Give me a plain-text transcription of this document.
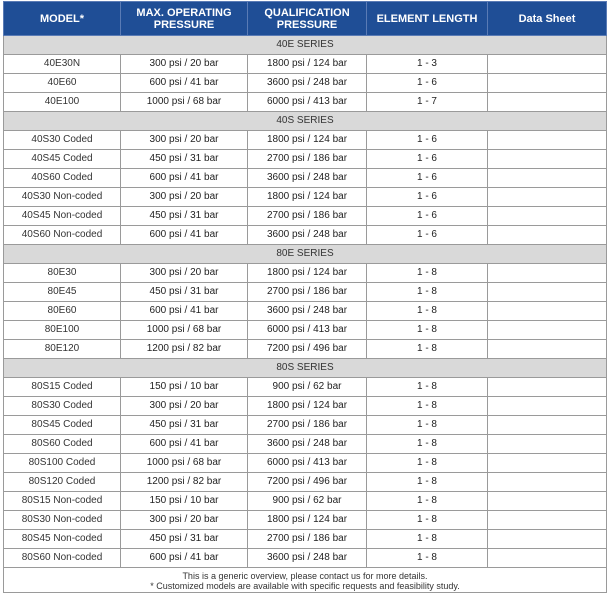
MODEL*	MAX. OPERATING PRESSURE	QUALIFICATION PRESSURE	ELEMENT LENGTH	Data Sheet
40E SERIES				
40E30N	300 psi / 20 bar	1800 psi / 124 bar	1 - 3	
40E60	600 psi / 41 bar	3600 psi / 248 bar	1 - 6	
40E100	1000 psi / 68 bar	6000 psi / 413 bar	1 - 7	
40S SERIES				
40S30 Coded	300 psi / 20 bar	1800 psi / 124 bar	1 - 6	
40S45 Coded	450 psi / 31 bar	2700 psi / 186 bar	1 - 6	
40S60 Coded	600 psi / 41 bar	3600 psi / 248 bar	1 - 6	
40S30 Non-coded	300 psi / 20 bar	1800 psi / 124 bar	1 - 6	
40S45 Non-coded	450 psi / 31 bar	2700 psi / 186 bar	1 - 6	
40S60 Non-coded	600 psi / 41 bar	3600 psi / 248 bar	1 - 6	
80E SERIES				
80E30	300 psi / 20 bar	1800 psi / 124 bar	1 - 8	
80E45	450 psi / 31 bar	2700 psi / 186 bar	1 - 8	
80E60	600 psi / 41 bar	3600 psi / 248 bar	1 - 8	
80E100	1000 psi / 68 bar	6000 psi / 413 bar	1 - 8	
80E120	1200 psi / 82 bar	7200 psi / 496 bar	1 - 8	
80S SERIES				
80S15 Coded	150 psi / 10 bar	900 psi / 62 bar	1 - 8	
80S30 Coded	300 psi / 20 bar	1800 psi / 124 bar	1 - 8	
80S45 Coded	450 psi / 31 bar	2700 psi / 186 bar	1 - 8	
80S60 Coded	600 psi / 41 bar	3600 psi / 248 bar	1 - 8	
80S100 Coded	1000 psi / 68 bar	6000 psi / 413 bar	1 - 8	
80S120 Coded	1200 psi / 82 bar	7200 psi / 496 bar	1 - 8	
80S15 Non-coded	150 psi / 10 bar	900 psi / 62 bar	1 - 8	
80S30 Non-coded	300 psi / 20 bar	1800 psi / 124 bar	1 - 8	
80S45 Non-coded	450 psi / 31 bar	2700 psi / 186 bar	1 - 8	
80S60 Non-coded	600 psi / 41 bar	3600 psi / 248 bar	1 - 8	

This is a generic overview, please contact us for more details.
* Customized models are available with specific requests and feasibility study.				
